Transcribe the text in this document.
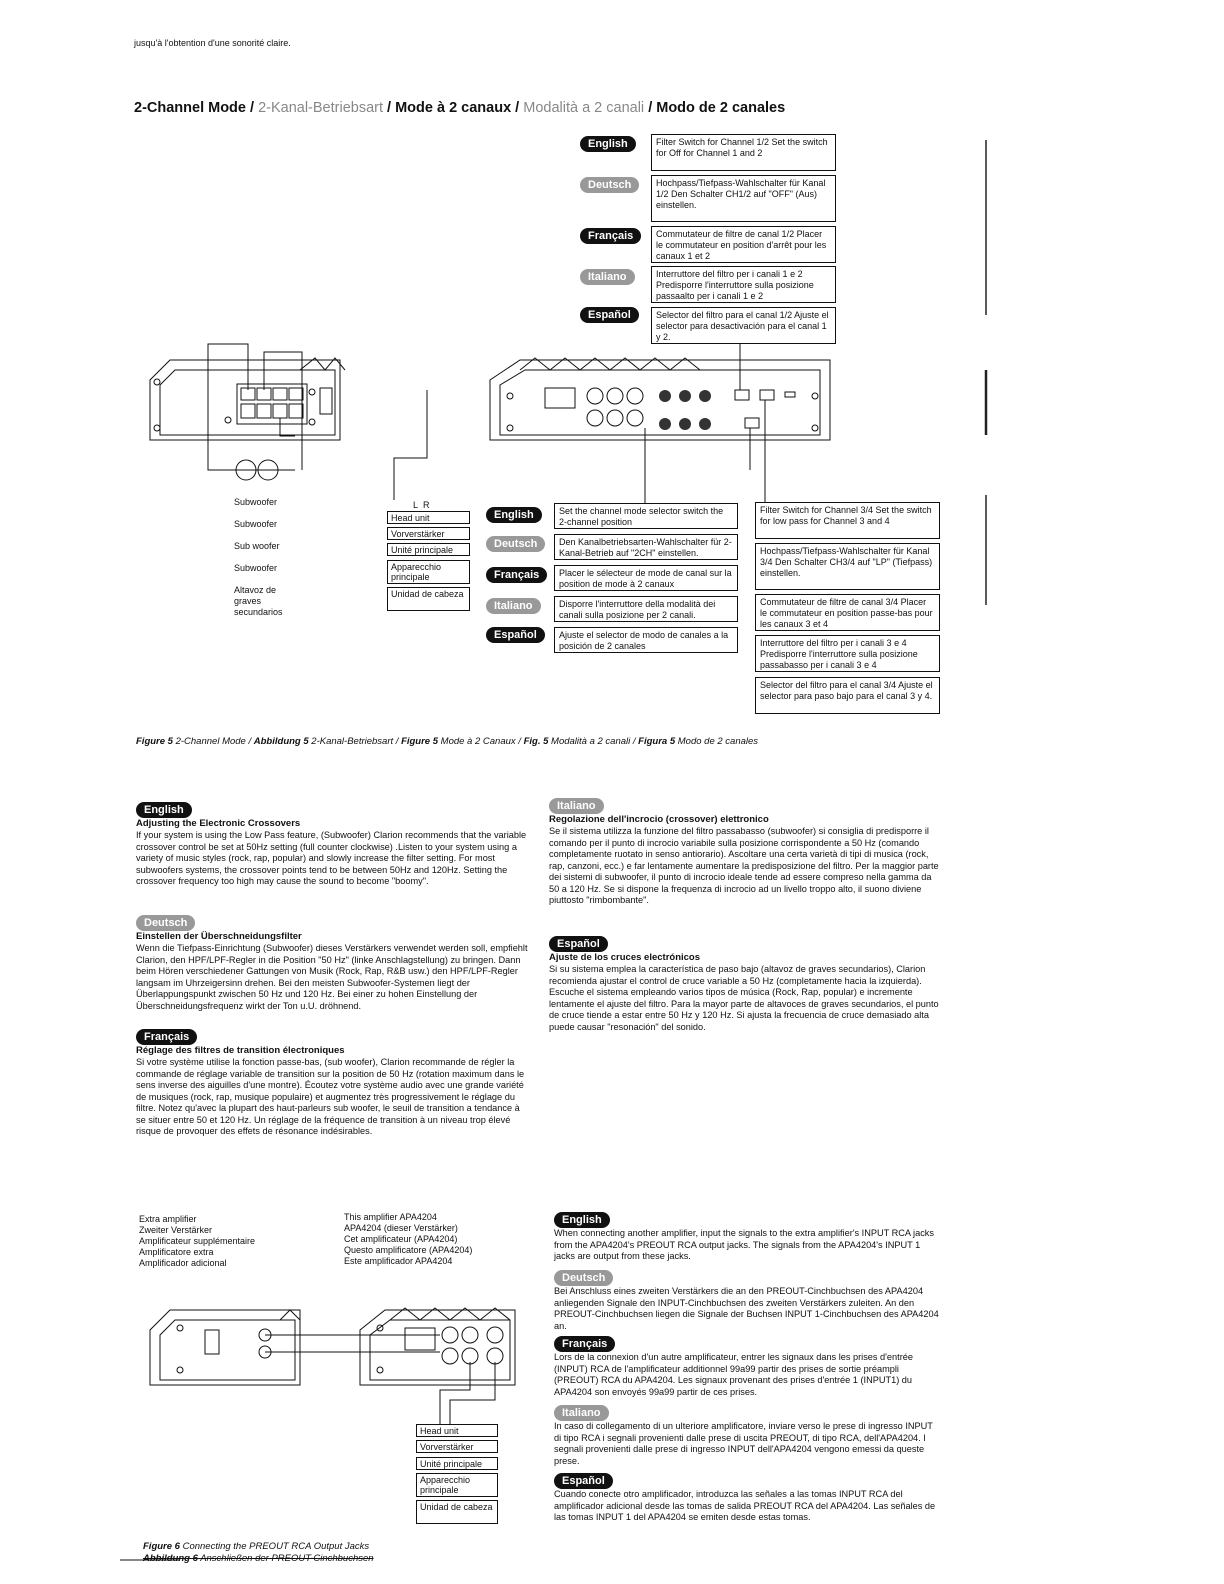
jusqu'à l'obtention d'une sonorité claire.
2-Channel Mode / 2-Kanal-Betriebsart / Mode à 2 canaux / Modalità a 2 canali / Modo de 2 canales
English
Deutsch
Français
Italiano
Español
Filter Switch for Channel 1/2 Set the switch for Off for Channel 1 and 2
Hochpass/Tiefpass-Wahlschalter für Kanal 1/2 Den Schalter CH1/2 auf "OFF" (Aus) einstellen.
Commutateur de filtre de canal 1/2 Placer le commutateur en position d'arrêt pour les canaux 1 et 2
Interruttore del filtro per i canali 1 e 2 Predisporre l'interruttore sulla posizione passaalto per i canali 1 e 2
Selector del filtro para el canal 1/2 Ajuste el selector para desactivación para el canal 1 y 2.
Subwoofer
Subwoofer
Sub woofer
Subwoofer
Altavoz de graves secundarios
L R
Head unit
Vorverstärker
Unité principale
Apparecchio principale
Unidad de cabeza
English
Deutsch
Français
Italiano
Español
Set the channel mode selector switch the 2-channel position
Den Kanalbetriebsarten-Wahlschalter für 2-Kanal-Betrieb auf "2CH" einstellen.
Placer le sélecteur de mode de canal sur la position de mode à 2 canaux
Disporre l'interruttore della modalità dei canali sulla posizione per 2 canali.
Ajuste el selector de modo de canales a la posición de 2 canales
Filter Switch for Channel 3/4 Set the switch for low pass for Channel 3 and 4
Hochpass/Tiefpass-Wahlschalter für Kanal 3/4 Den Schalter CH3/4 auf "LP" (Tiefpass) einstellen.
Commutateur de filtre de canal 3/4 Placer le commutateur en position passe-bas pour les canaux 3 et 4
Interruttore del filtro per i canali 3 e 4 Predisporre l'interruttore sulla posizione passabasso per i canali 3 e 4
Selector del filtro para el canal 3/4 Ajuste el selector para paso bajo para el canal 3 y 4.
Figure 5 2-Channel Mode / Abbildung 5 2-Kanal-Betriebsart / Figure 5 Mode à 2 Canaux / Fig. 5 Modalità a 2 canali / Figura 5 Modo de 2 canales
English
Adjusting the Electronic Crossovers
If your system is using the Low Pass feature, (Subwoofer) Clarion recommends that the variable crossover control be set at 50Hz setting (full counter clockwise) .Listen to your system using a variety of music styles (rock, rap, popular) and slowly increase the filter setting. For most subwoofers systems, the crossover points tend to be between 50Hz and 120Hz. Setting the crossover frequency too high may cause the sound to become "boomy".
Deutsch
Einstellen der Überschneidungsfilter
Wenn die Tiefpass-Einrichtung (Subwoofer) dieses Verstärkers verwendet werden soll, empfiehlt Clarion, den HPF/LPF-Regler in die Position "50 Hz" (linke Anschlagstellung) zu bringen. Dann beim Hören verschiedener Gattungen von Musik (Rock, Rap, R&B usw.) den HPF/LPF-Regler langsam im Uhrzeigersinn drehen. Bei den meisten Subwoofer-Systemen liegt der Überlappungspunkt zwischen 50 Hz und 120 Hz. Bei einer zu hohen Einstellung der Überschneidungsfrequenz wirkt der Ton u.U. dröhnend.
Français
Réglage des filtres de transition électroniques
Si votre système utilise la fonction passe-bas, (sub woofer), Clarion recommande de régler la commande de réglage variable de transition sur la position de 50 Hz (rotation maximum dans le sens inverse des aiguilles d'une montre). Écoutez votre système audio avec une grande variété de musiques (rock, rap, musique populaire) et augmentez très progressivement le réglage du filtre. Notez qu'avec la plupart des haut-parleurs sub woofer, le seuil de transition a tendance à se situer entre 50 et 120 Hz. Un réglage de la fréquence de transition à un niveau trop élevé risque de provoquer des effets de résonance indésirables.
Italiano
Regolazione dell'incrocio (crossover) elettronico
Se il sistema utilizza la funzione del filtro passabasso (subwoofer) si consiglia di predisporre il comando per il punto di incrocio variabile sulla posizione corrispondente a 50 Hz (comando completamente ruotato in senso antiorario). Ascoltare una certa varietà di tipi di musica (rock, rap, canzoni, ecc.) e far lentamente aumentare la predisposizione del filtro. Per la maggior parte dei sistemi di subwoofer, il punto di incrocio ideale tende ad essere compreso nella gamma da 50 a 120 Hz. Se si dispone la frequenza di incrocio ad un livello troppo alto, il suono diviene piuttosto "rimbombante".
Español
Ajuste de los cruces electrónicos
Si su sistema emplea la característica de paso bajo (altavoz de graves secundarios), Clarion recomienda ajustar el control de cruce variable a 50 Hz (completamente hacia la izquierda). Escuche el sistema empleando varios tipos de música (Rock, Rap, popular) e incremente lentamente el ajuste del filtro. Para la mayor parte de altavoces de graves secundarios, el punto de cruce tiende a estar entre 50 Hz y 120 Hz. Si ajusta la frecuencia de cruce demasiado alta puede causar "resonación" del sonido.
Extra amplifier
Zweiter Verstärker
Amplificateur supplémentaire
Amplificatore extra
Amplificador adicional
This amplifier APA4204
APA4204 (dieser Verstärker)
Cet amplificateur (APA4204)
Questo amplificatore (APA4204)
Este amplificador APA4204
Head unit
Vorverstärker
Unité principale
Apparecchio principale
Unidad de cabeza
English
When connecting another amplifier, input the signals to the extra amplifier's INPUT RCA jacks from the APA4204's PREOUT RCA output jacks. The signals from the APA4204's INPUT 1 jacks are output from these jacks.
Deutsch
Bei Anschluss eines zweiten Verstärkers die an den PREOUT-Cinchbuchsen des APA4204 anliegenden Signale den INPUT-Cinchbuchsen des zweiten Verstärkers zuleiten. An den PREOUT-Cinchbuchsen liegen die Signale der Buchsen INPUT 1-Cinchbuchsen des APA4204 an.
Français
Lors de la connexion d'un autre amplificateur, entrer les signaux dans les prises d'entrée (INPUT) RCA de l'amplificateur additionnel 99a99 partir des prises de sortie préampli (PREOUT) RCA du APA4204. Les signaux provenant des prises d'entrée 1 (INPUT1) du APA4204 son envoyés 99a99 partir de ces prises.
Italiano
In caso di collegamento di un ulteriore amplificatore, inviare verso le prese di ingresso INPUT di tipo RCA i segnali provenienti dalle prese di uscita PREOUT, di tipo RCA, dell'APA4204. I segnali provenienti dalle prese di ingresso INPUT dell'APA4204 vengono emessi da queste prese.
Español
Cuando conecte otro amplificador, introduzca las señales a las tomas INPUT RCA del amplificador adicional desde las tomas de salida PREOUT RCA del APA4204. Las señales de las tomas INPUT 1 del APA4204 se emiten desde estas tomas.
Figure 6 Connecting the PREOUT RCA Output Jacks
Abbildung 6 Anschließen der PREOUT-Cinchbuchsen
